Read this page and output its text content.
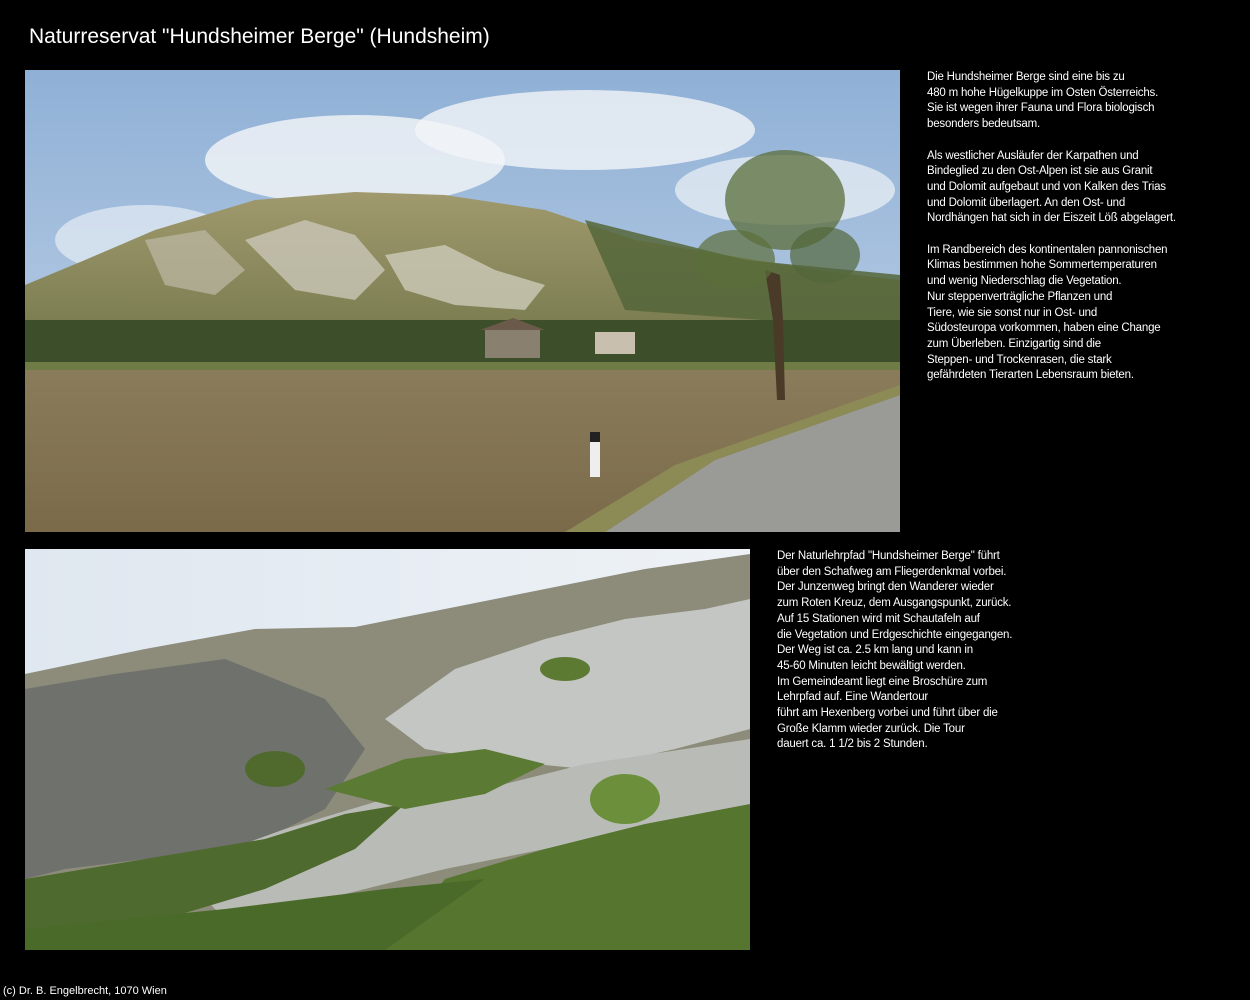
Naturreservat "Hundsheimer Berge" (Hundsheim)

Die Hundsheimer Berge sind eine bis zu
480 m hohe Hügelkuppe im Osten Österreichs.
Sie ist wegen ihrer Fauna und Flora biologisch
besonders bedeutsam.

Als westlicher Ausläufer der Karpathen und
Bindeglied zu den Ost-Alpen ist sie aus Granit
und Dolomit aufgebaut und von Kalken des Trias
und Dolomit überlagert. An den Ost- und
Nordhängen hat sich in der Eiszeit Löß abgelagert.

Im Randbereich des kontinentalen pannonischen
Klimas bestimmen hohe Sommertemperaturen
und wenig Niederschlag die Vegetation.
Nur steppenverträgliche Pflanzen und
Tiere, wie sie sonst nur in Ost- und
Südosteuropa vorkommen, haben eine Change
zum Überleben. Einzigartig sind die
Steppen- und Trockenrasen, die stark
gefährdeten Tierarten Lebensraum bieten.

Der Naturlehrpfad "Hundsheimer Berge" führt
über den Schafweg am Fliegerdenkmal vorbei.
Der Junzenweg bringt den Wanderer wieder
zum Roten Kreuz, dem Ausgangspunkt, zurück.
Auf 15 Stationen wird mit Schautafeln auf
die Vegetation und Erdgeschichte eingegangen.
Der Weg ist ca. 2.5 km lang und kann in
45-60 Minuten leicht bewältigt werden.
Im Gemeindeamt liegt eine Broschüre zum
Lehrpfad auf. Eine Wandertour
führt am Hexenberg vorbei und führt über die
Große Klamm wieder zurück. Die Tour
dauert ca. 1 1/2 bis 2 Stunden.

(c) Dr. B. Engelbrecht, 1070 Wien
